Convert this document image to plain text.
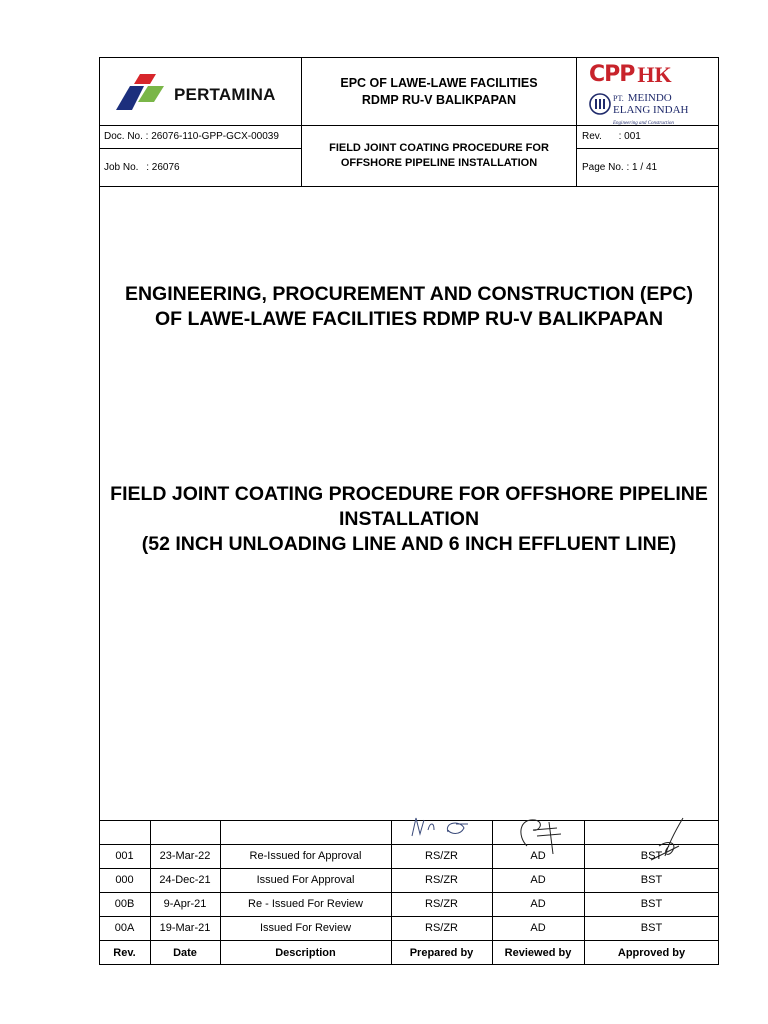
PERTAMINA
EPC OF LAWE-LAWE FACILITIES RDMP RU-V BALIKPAPAN
CPP HK
PT. MEINDO
ELANG INDAH
Engineering and Construction
Doc. No. : 26076-110-GPP-GCX-00039
Job No. : 26076
FIELD JOINT COATING PROCEDURE FOR OFFSHORE PIPELINE INSTALLATION
Rev. : 001
Page No. : 1 / 41
ENGINEERING, PROCUREMENT AND CONSTRUCTION (EPC)
OF LAWE-LAWE FACILITIES RDMP RU-V BALIKPAPAN
FIELD JOINT COATING PROCEDURE FOR OFFSHORE PIPELINE
INSTALLATION
(52 INCH UNLOADING LINE AND 6 INCH EFFLUENT LINE)
001	23-Mar-22	Re-Issued for Approval	RS/ZR	AD	BST
000	24-Dec-21	Issued For Approval	RS/ZR	AD	BST
00B	9-Apr-21	Re - Issued For Review	RS/ZR	AD	BST
00A	19-Mar-21	Issued For Review	RS/ZR	AD	BST
Rev.	Date	Description	Prepared by	Reviewed by	Approved by
